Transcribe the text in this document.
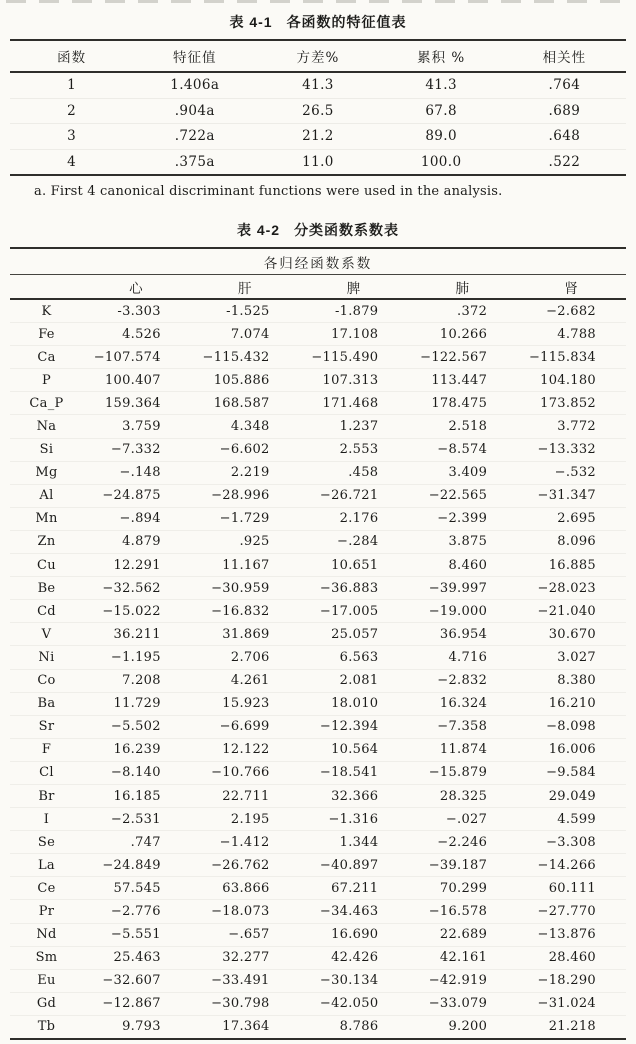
表 4-1 各函数的特征值表
函数	特征值	方差%	累积 %	相关性
1	1.406a	41.3	41.3	.764
2	.904a	26.5	67.8	.689
3	.722a	21.2	89.0	.648
4	.375a	11.0	100.0	.522
a. First 4 canonical discriminant functions were used in the analysis.
表 4-2 分类函数系数表
各归经函数系数					
	心	肝	脾	肺	肾
K	-3.303	-1.525	-1.879	.372	−2.682
Fe	4.526	7.074	17.108	10.266	4.788
Ca	−107.574	−115.432	−115.490	−122.567	−115.834
P	100.407	105.886	107.313	113.447	104.180
Ca_P	159.364	168.587	171.468	178.475	173.852
Na	3.759	4.348	1.237	2.518	3.772
Si	−7.332	−6.602	2.553	−8.574	−13.332
Mg	−.148	2.219	.458	3.409	−.532
Al	−24.875	−28.996	−26.721	−22.565	−31.347
Mn	−.894	−1.729	2.176	−2.399	2.695
Zn	4.879	.925	−.284	3.875	8.096
Cu	12.291	11.167	10.651	8.460	16.885
Be	−32.562	−30.959	−36.883	−39.997	−28.023
Cd	−15.022	−16.832	−17.005	−19.000	−21.040
V	36.211	31.869	25.057	36.954	30.670
Ni	−1.195	2.706	6.563	4.716	3.027
Co	7.208	4.261	2.081	−2.832	8.380
Ba	11.729	15.923	18.010	16.324	16.210
Sr	−5.502	−6.699	−12.394	−7.358	−8.098
F	16.239	12.122	10.564	11.874	16.006
Cl	−8.140	−10.766	−18.541	−15.879	−9.584
Br	16.185	22.711	32.366	28.325	29.049
I	−2.531	2.195	−1.316	−.027	4.599
Se	.747	−1.412	1.344	−2.246	−3.308
La	−24.849	−26.762	−40.897	−39.187	−14.266
Ce	57.545	63.866	67.211	70.299	60.111
Pr	−2.776	−18.073	−34.463	−16.578	−27.770
Nd	−5.551	−.657	16.690	22.689	−13.876
Sm	25.463	32.277	42.426	42.161	28.460
Eu	−32.607	−33.491	−30.134	−42.919	−18.290
Gd	−12.867	−30.798	−42.050	−33.079	−31.024
Tb	9.793	17.364	8.786	9.200	21.218
